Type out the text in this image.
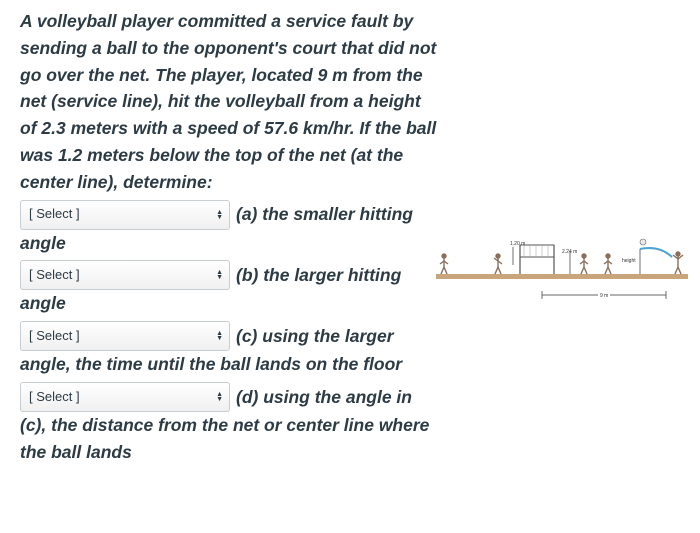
A volleyball player committed a service fault by sending a ball to the opponent's court that did not go over the net. The player, located 9 m from the net (service line), hit the volleyball from a height of 2.3 meters with a speed of 57.6 km/hr. If the ball was 1.2 meters below the top of the net (at the center line), determine:

[ Select ]	▲
▼ (a) the smaller hitting

angle

[ Select ]	▲
▼ (b) the larger hitting

angle

[ Select ]	▲
▼ (c) using the larger

angle, the time until the ball lands on the floor

[ Select ]	▲
▼ (d) using the angle in

(c), the distance from the net or center line where the ball lands

1.20 m
2.24 m
height
9 m
